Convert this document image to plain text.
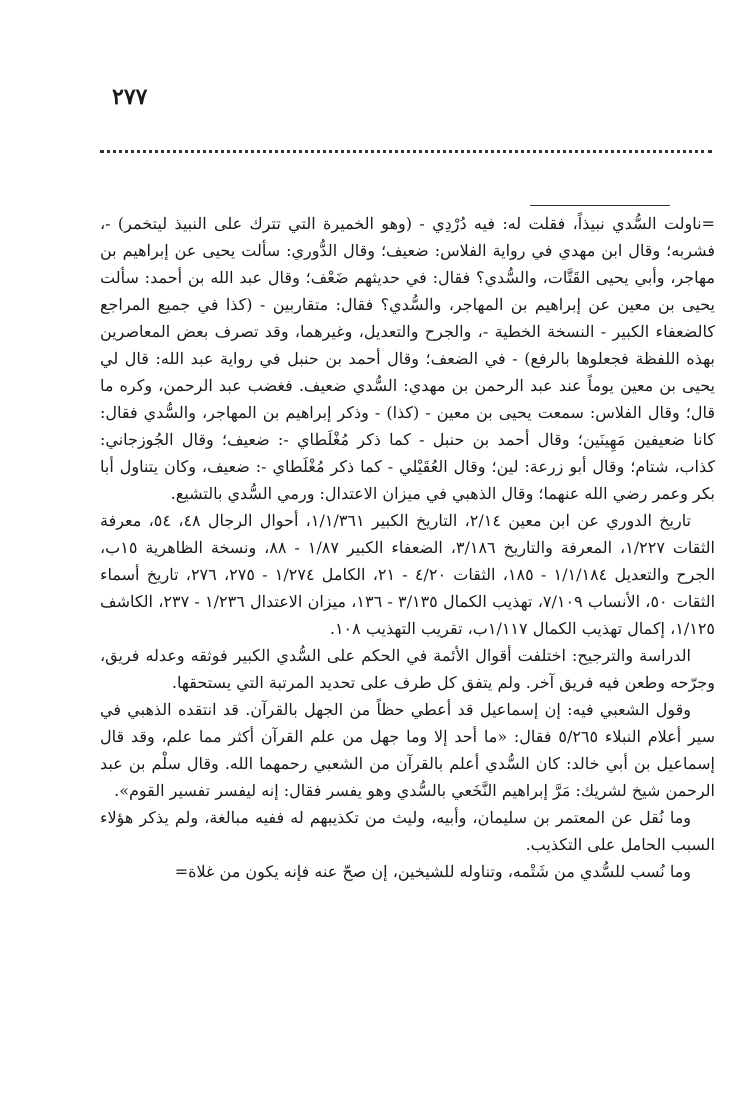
٢٧٧

=ناولت السُّدي نبيذاً، فقلت له: فيه دُرْدِي - (وهو الخميرة التي تترك على النبيذ ليتخمر) -، فشربه؛ وقال ابن مهدي في رواية الفلاس: ضعيف؛ وقال الدُّوري: سألت يحيى عن إبراهيم بن مهاجر، وأبي يحيى القَتَّات، والسُّدي؟ فقال: في حديثهم ضَعْف؛ وقال عبد الله بن أحمد: سألت يحيى بن معين عن إبراهيم بن المهاجر، والسُّدي؟ فقال: متقاربين - (كذا في جميع المراجع كالضعفاء الكبير - النسخة الخطية -، والجرح والتعديل، وغيرهما، وقد تصرف بعض المعاصرين بهذه اللفظة فجعلوها بالرفع) - في الضعف؛ وقال أحمد بن حنبل في رواية عبد الله: قال لي يحيى بن معين يوماً عند عبد الرحمن بن مهدي: السُّدي ضعيف. فغضب عبد الرحمن، وكره ما قال؛ وقال الفلاس: سمعت يحيى بن معين - (كذا) - وذكر إبراهيم بن المهاجر، والسُّدي فقال: كانا ضعيفين مَهِينَين؛ وقال أحمد بن حنبل - كما ذكر مُغْلَطاي -: ضعيف؛ وقال الجُوزجاني: كذاب، شتام؛ وقال أبو زرعة: لين؛ وقال العُقَيْلي - كما ذكر مُغْلَطاي -: ضعيف، وكان يتناول أبا بكر وعمر رضي الله عنهما؛ وقال الذهبي في ميزان الاعتدال: ورمي السُّدي بالتشيع.

تاريخ الدوري عن ابن معين ٢/١٤، التاريخ الكبير ١/١/٣٦١، أحوال الرجال ٤٨، ٥٤، معرفة الثقات ١/٢٢٧، المعرفة والتاريخ ٣/١٨٦، الضعفاء الكبير ١/٨٧ - ٨٨، ونسخة الظاهرية ١٥ب، الجرح والتعديل ١/١/١٨٤ - ١٨٥، الثقات ٤/٢٠ - ٢١، الكامل ١/٢٧٤ - ٢٧٥، ٢٧٦، تاريخ أسماء الثقات ٥٠، الأنساب ٧/١٠٩، تهذيب الكمال ٣/١٣٥ - ١٣٦، ميزان الاعتدال ١/٢٣٦ - ٢٣٧، الكاشف ١/١٢٥، إكمال تهذيب الكمال ١/١١٧ب، تقريب التهذيب ١٠٨.

الدراسة والترجيح: اختلفت أقوال الأئمة في الحكم على السُّدي الكبير فوثقه وعدله فريق، وجرّحه وطعن فيه فريق آخر. ولم يتفق كل طرف على تحديد المرتبة التي يستحقها.

وقول الشعبي فيه: إن إسماعيل قد أعطي حظاً من الجهل بالقرآن. قد انتقده الذهبي في سير أعلام النبلاء ٥/٢٦٥ فقال: «ما أحد إلا وما جهل من علم القرآن أكثر مما علم، وقد قال إسماعيل بن أبي خالد: كان السُّدي أعلم بالقرآن من الشعبي رحمهما الله. وقال سلْم بن عبد الرحمن شيخ لشريك: مَرَّ إبراهيم النَّخَعي بالسُّدي وهو يفسر فقال: إنه ليفسر تفسير القوم».

وما نُقل عن المعتمر بن سليمان، وأبيه، وليث من تكذيبهم له ففيه مبالغة، ولم يذكر هؤلاء السبب الحامل على التكذيب.

وما نُسب للسُّدي من شَتْمه، وتناوله للشيخين، إن صحّ عنه فإنه يكون من غلاة=
